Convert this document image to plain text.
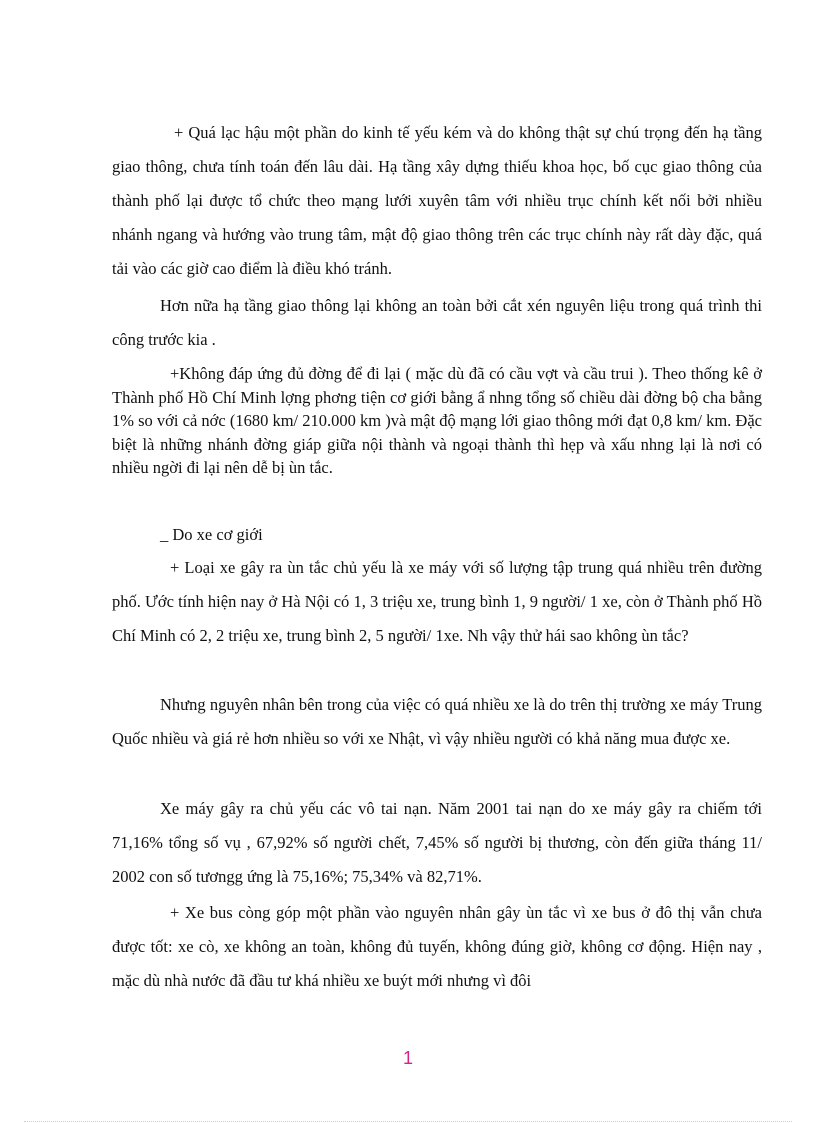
+ Quá lạc hậu một phần do kinh tế yếu kém và do không thật sự chú trọng đến hạ tầng giao thông, chưa tính toán đến lâu dài. Hạ tầng xây dựng thiếu khoa học, bố cục giao thông của thành phố lại được tổ chức theo mạng lưới xuyên tâm với nhiều trục chính kết nối bởi nhiều nhánh ngang và hướng vào trung tâm, mật độ giao thông trên các trục chính này rất dày đặc, quá tải vào các giờ cao điểm là điều khó tránh.

Hơn nữa hạ tầng giao thông lại không an toàn bởi cắt xén nguyên liệu trong quá trình thi công trước kia .

+Không đáp ứng đủ đờng để đi lại ( mặc dù đã có cầu vợt và cầu trui ). Theo thống kê ở Thành phố Hồ Chí Minh lợng phơng tiện cơ giới bằng ẩ nhng tổng số chiều dài đờng bộ cha bằng 1% so với cả nớc (1680 km/ 210.000 km )và mật độ mạng lới giao thông mới đạt 0,8 km/ km. Đặc biệt là những nhánh đờng giáp giữa nội thành và ngoại thành thì hẹp và xấu nhng lại là nơi có nhiều ngời đi lại nên dễ bị ùn tắc.

_ Do xe cơ giới

+ Loại xe gây ra ùn tắc chủ yếu là xe máy với số lượng tập trung quá nhiều trên đường phố. Ước tính hiện nay ở Hà Nội có 1, 3 triệu xe, trung bình 1, 9 người/ 1 xe, còn ở Thành phố Hồ Chí Minh có 2, 2 triệu xe, trung bình 2, 5 người/ 1xe. Nh vậy thử hái sao không ùn tắc?

Nhưng nguyên nhân bên trong của việc có quá nhiều xe là do trên thị trường xe máy Trung Quốc nhiều và giá rẻ hơn nhiều so với xe Nhật, vì vậy nhiều người có khả năng mua được xe.

Xe máy gây ra chủ yếu các vô tai nạn. Năm 2001 tai nạn do xe máy gây ra chiếm tới 71,16% tổng số vụ , 67,92% số người chết, 7,45% số người bị thương, còn đến giữa tháng 11/ 2002 con số tươngg ứng là 75,16%; 75,34% và 82,71%.

+ Xe bus còng góp một phần vào nguyên nhân gây ùn tắc vì xe bus ở đô thị vẫn chưa được tốt: xe cò, xe không an toàn, không đủ tuyến, không đúng giờ, không cơ động. Hiện nay , mặc dù nhà nước đã đầu tư khá nhiều xe buýt mới nhưng vì đôi

1
